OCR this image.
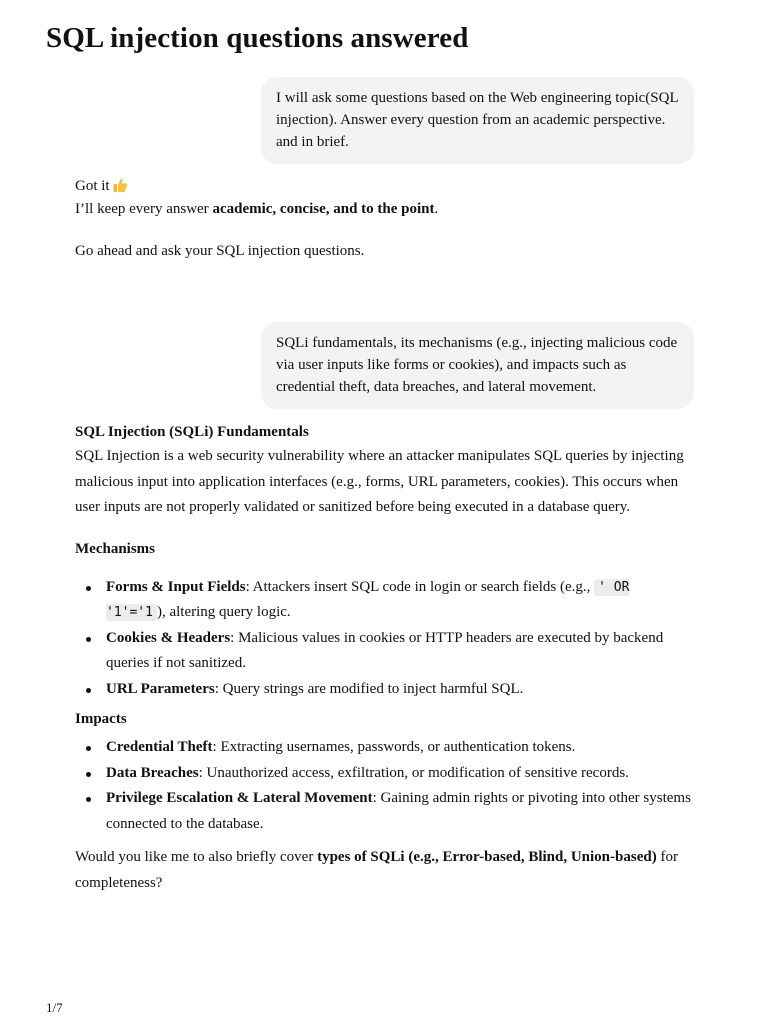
SQL injection questions answered

I will ask some questions based on the Web engineering topic(SQL injection). Answer every question from an academic perspective. and in brief.

Got it

I’ll keep every answer academic, concise, and to the point.

Go ahead and ask your SQL injection questions.

SQLi fundamentals, its mechanisms (e.g., injecting malicious code via user inputs like forms or cookies), and impacts such as credential theft, data breaches, and lateral movement.

SQL Injection (SQLi) Fundamentals

SQL Injection is a web security vulnerability where an attacker manipulates SQL queries by injecting malicious input into application interfaces (e.g., forms, URL parameters, cookies). This occurs when user inputs are not properly validated or sanitized before being executed in a database query.

Mechanisms

Forms & Input Fields: Attackers insert SQL code in login or search fields (e.g., ' OR '1'='1 ), altering query logic.
Cookies & Headers: Malicious values in cookies or HTTP headers are executed by backend queries if not sanitized.
URL Parameters: Query strings are modified to inject harmful SQL.

Impacts

Credential Theft: Extracting usernames, passwords, or authentication tokens.
Data Breaches: Unauthorized access, exfiltration, or modification of sensitive records.
Privilege Escalation & Lateral Movement: Gaining admin rights or pivoting into other systems connected to the database.

Would you like me to also briefly cover types of SQLi (e.g., Error-based, Blind, Union-based) for completeness?

1/7
